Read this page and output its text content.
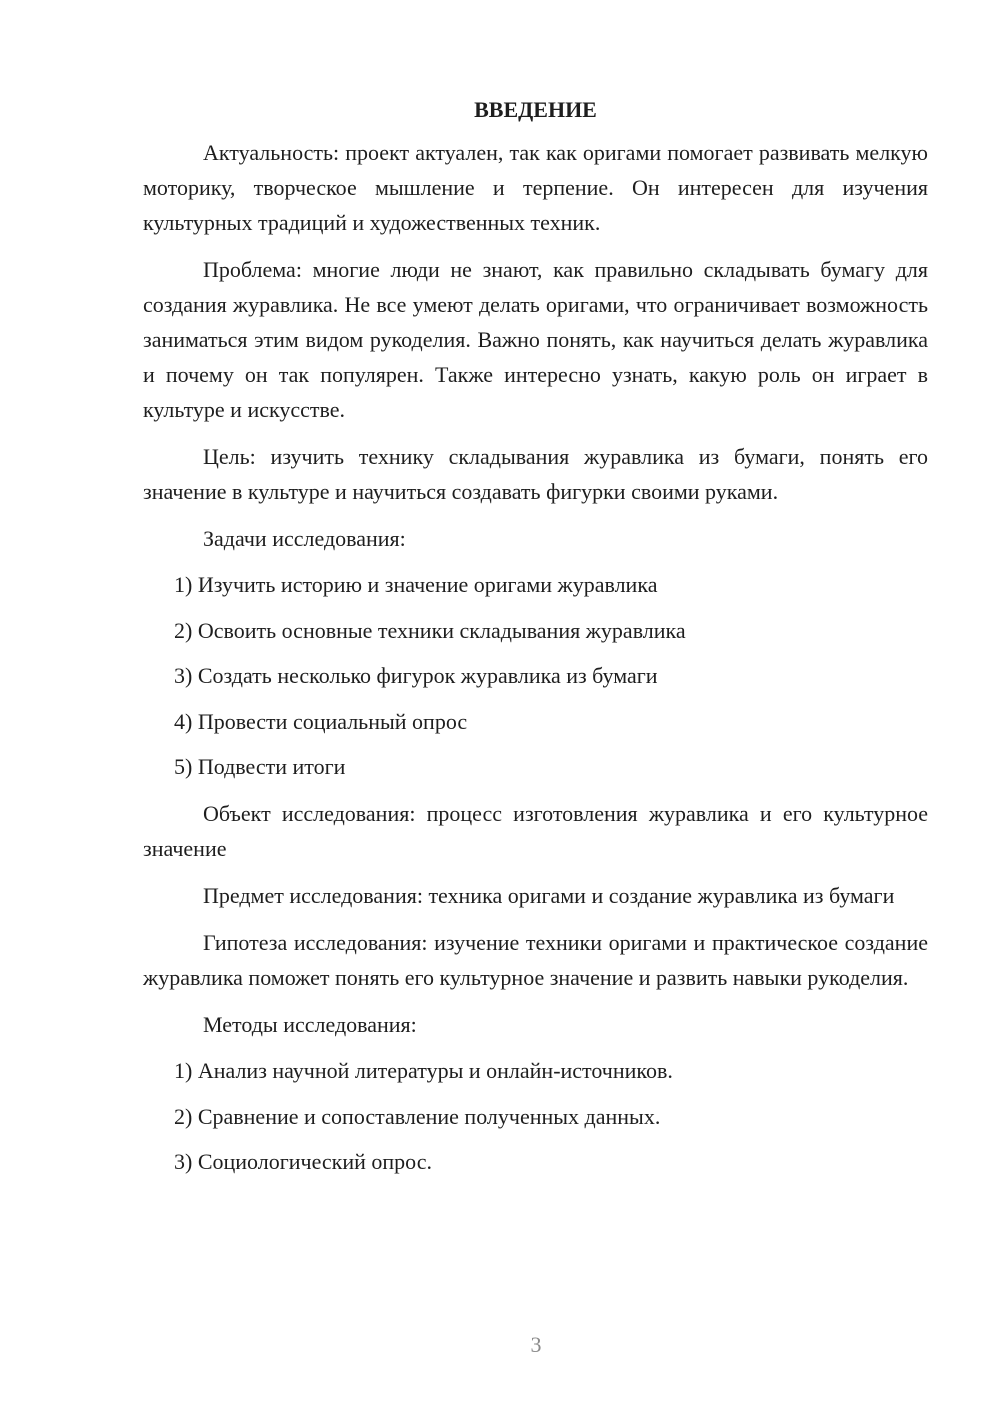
ВВЕДЕНИЕ

Актуальность: проект актуален, так как оригами помогает развивать мелкую моторику, творческое мышление и терпение. Он интересен для изучения культурных традиций и художественных техник.

Проблема: многие люди не знают, как правильно складывать бумагу для создания журавлика. Не все умеют делать оригами, что ограничивает возможность заниматься этим видом рукоделия. Важно понять, как научиться делать журавлика и почему он так популярен. Также интересно узнать, какую роль он играет в культуре и искусстве.

Цель: изучить технику складывания журавлика из бумаги, понять его значение в культуре и научиться создавать фигурки своими руками.

Задачи исследования:
1) Изучить историю и значение оригами журавлика
2) Освоить основные техники складывания журавлика
3) Создать несколько фигурок журавлика из бумаги
4) Провести социальный опрос
5) Подвести итоги

Объект исследования: процесс изготовления журавлика и его культурное значение

Предмет исследования: техника оригами и создание журавлика из бумаги

Гипотеза исследования: изучение техники оригами и практическое создание журавлика поможет понять его культурное значение и развить навыки рукоделия.

Методы исследования:
1) Анализ научной литературы и онлайн-источников.
2) Сравнение и сопоставление полученных данных.
3) Социологический опрос.
3
